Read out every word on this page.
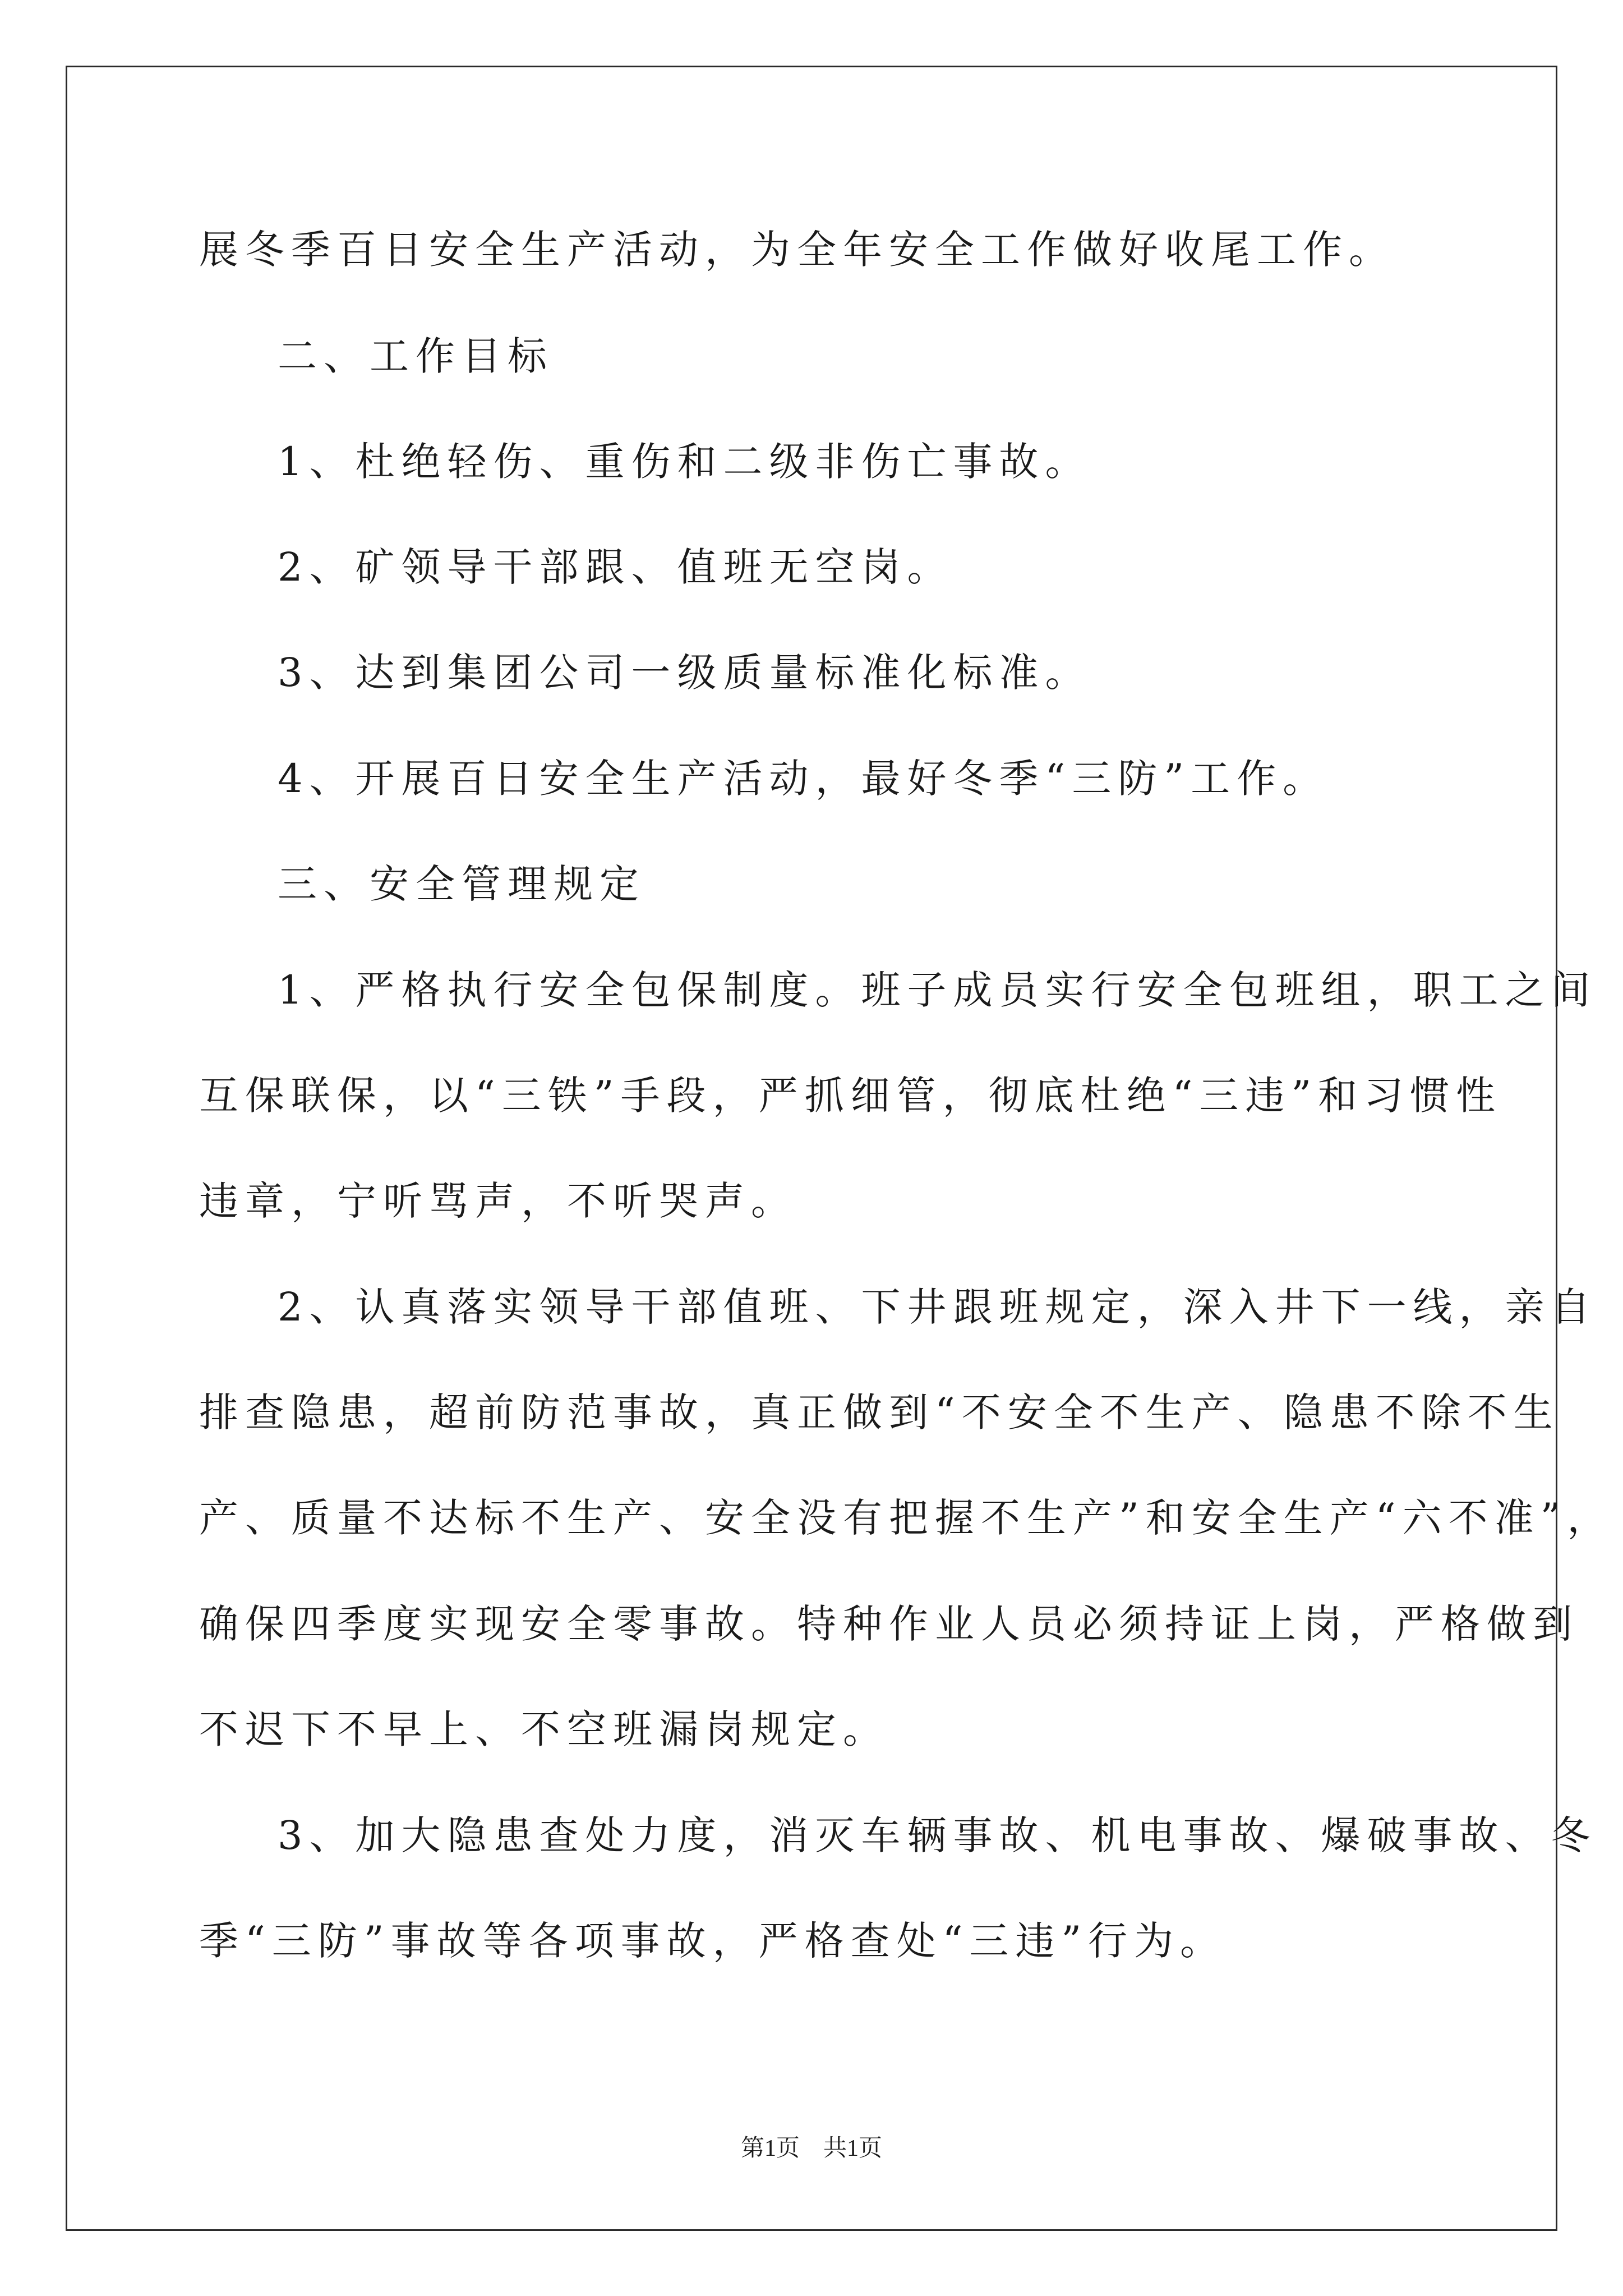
展冬季百日安全生产活动，为全年安全工作做好收尾工作。
二、工作目标
1、杜绝轻伤、重伤和二级非伤亡事故。
2、矿领导干部跟、值班无空岗。
3、达到集团公司一级质量标准化标准。
4、开展百日安全生产活动，最好冬季“三防”工作。
三、安全管理规定
1、严格执行安全包保制度。班子成员实行安全包班组，职工之间
互保联保，以“三铁”手段，严抓细管，彻底杜绝“三违”和习惯性
违章，宁听骂声，不听哭声。
2、认真落实领导干部值班、下井跟班规定，深入井下一线，亲自
排查隐患，超前防范事故，真正做到“不安全不生产、隐患不除不生
产、质量不达标不生产、安全没有把握不生产”和安全生产“六不准”，
确保四季度实现安全零事故。特种作业人员必须持证上岗，严格做到
不迟下不早上、不空班漏岗规定。
3、加大隐患查处力度，消灭车辆事故、机电事故、爆破事故、冬
季“三防”事故等各项事故，严格查处“三违”行为。
第1页　共1页
